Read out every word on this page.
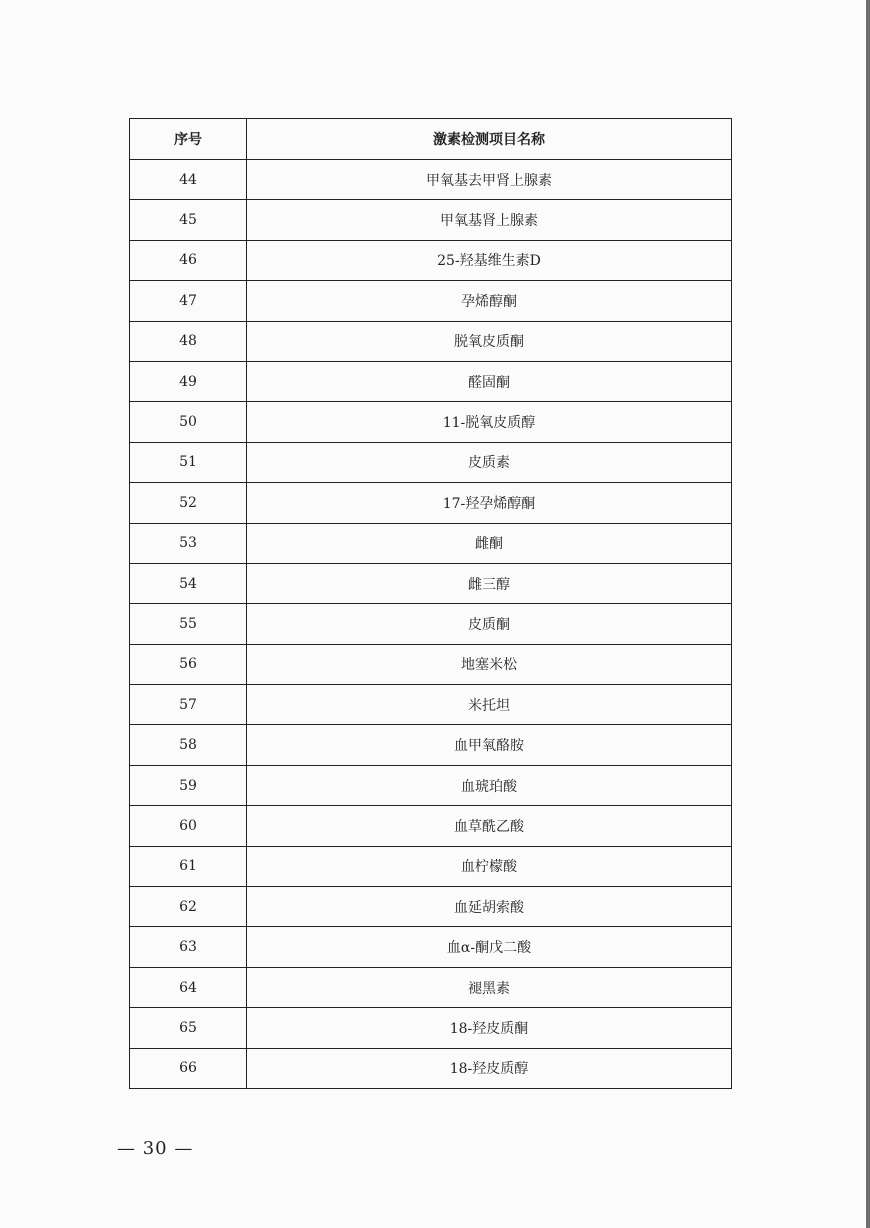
序号	激素检测项目名称
44	甲氧基去甲肾上腺素
45	甲氧基肾上腺素
46	25-羟基维生素D
47	孕烯醇酮
48	脱氧皮质酮
49	醛固酮
50	11-脱氧皮质醇
51	皮质素
52	17-羟孕烯醇酮
53	雌酮
54	雌三醇
55	皮质酮
56	地塞米松
57	米托坦
58	血甲氧酪胺
59	血琥珀酸
60	血草酰乙酸
61	血柠檬酸
62	血延胡索酸
63	血α-酮戊二酸
64	褪黑素
65	18-羟皮质酮
66	18-羟皮质醇
— 30 —
